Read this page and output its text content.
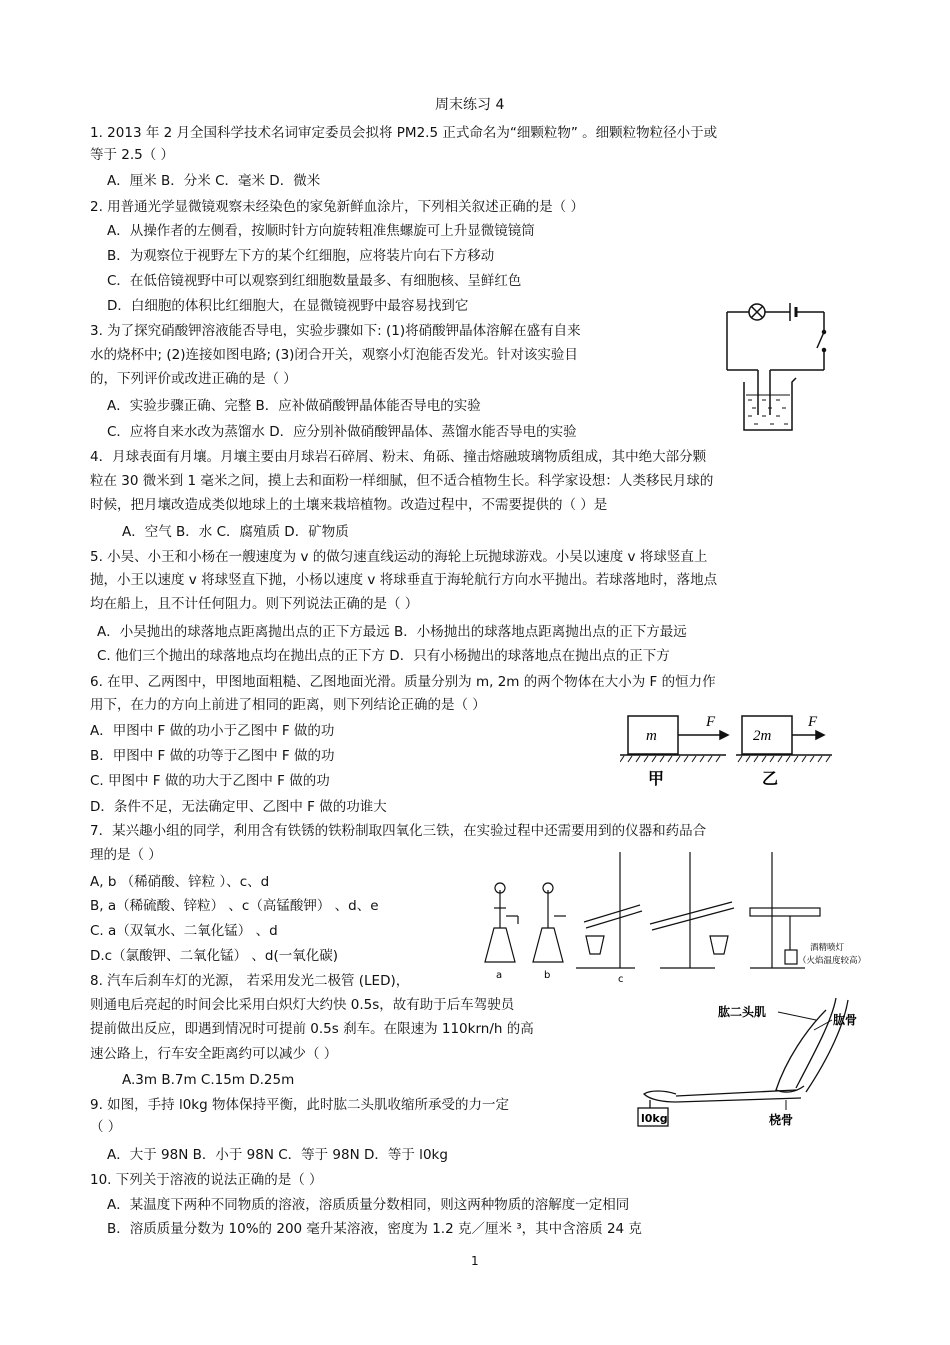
周末练习 4
1. 2013 年 2 月全国科学技术名词审定委员会拟将 PM2.5 正式命名为“细颗粒物” 。细颗粒物粒径小于或
等于 2.5（ ）
A．厘米 B．分米 C．毫米 D．微米
2. 用普通光学显微镜观察未经染色的家兔新鲜血涂片，下列相关叙述正确的是（ ）
A．从操作者的左侧看，按顺时针方向旋转粗准焦螺旋可上升显微镜镜筒
B．为观察位于视野左下方的某个红细胞，应将装片向右下方移动
C．在低倍镜视野中可以观察到红细胞数量最多、有细胞核、呈鲜红色
D．白细胞的体积比红细胞大，在显微镜视野中最容易找到它
3. 为了探究硝酸钾溶液能否导电，实验步骤如下: (1)将硝酸钾晶体溶解在盛有自来
水的烧杯中; (2)连接如图电路; (3)闭合开关，观察小灯泡能否发光。针对该实验目
的，下列评价或改进正确的是（ ）
A．实验步骤正确、完整 B．应补做硝酸钾晶体能否导电的实验
C．应将自来水改为蒸馏水 D．应分别补做硝酸钾晶体、蒸馏水能否导电的实验
4．月球表面有月壤。月壤主要由月球岩石碎屑、粉末、角砾、撞击熔融玻璃物质组成，其中绝大部分颗
粒在 30 微米到 1 毫米之间，摸上去和面粉一样细腻，但不适合植物生长。科学家设想：人类移民月球的
时候，把月壤改造成类似地球上的土壤来栽培植物。改造过程中，不需要提供的（ ）是
A．空气 B．水 C．腐殖质 D．矿物质
5. 小吴、小王和小杨在一艘速度为 v 的做匀速直线运动的海轮上玩抛球游戏。小吴以速度 v 将球竖直上
抛，小王以速度 v 将球竖直下抛，小杨以速度 v 将球垂直于海轮航行方向水平抛出。若球落地时，落地点
均在船上，且不计任何阻力。则下列说法正确的是（ ）
A．小吴抛出的球落地点距离抛出点的正下方最远 B．小杨抛出的球落地点距离抛出点的正下方最远
C. 他们三个抛出的球落地点均在抛出点的正下方 D．只有小杨抛出的球落地点在抛出点的正下方
6. 在甲、乙两图中，甲图地面粗糙、乙图地面光滑。质量分别为 m, 2m 的两个物体在大小为 F 的恒力作
用下，在力的方向上前进了相同的距离，则下列结论正确的是（ ）
A．甲图中 F 做的功小于乙图中 F 做的功
B．甲图中 F 做的功等于乙图中 F 做的功
C. 甲图中 F 做的功大于乙图中 F 做的功
D．条件不足，无法确定甲、乙图中 F 做的功谁大
7．某兴趣小组的同学，利用含有铁锈的铁粉制取四氧化三铁，在实验过程中还需要用到的仪器和药品合
理的是（ ）
A, b （稀硝酸、锌粒 ）、c、d
B, a（稀硫酸、锌粒） 、c（高锰酸钾） 、d、e
C. a（双氧水、二氧化锰） 、d
D.c（氯酸钾、二氧化锰） 、d(一氧化碳)
8. 汽车后刹车灯的光源， 若采用发光二极管 (LED)，
则通电后亮起的时间会比采用白炽灯大约快 0.5s，故有助于后车驾驶员
提前做出反应，即遇到情况时可提前 0.5s 刹车。在限速为 110krn/h 的高
速公路上，行车安全距离约可以减少（ ）
A.3m B.7m C.15m D.25m
9. 如图，手持 l0kg 物体保持平衡，此时肱二头肌收缩所承受的力一定
（ ）
A．大于 98N B．小于 98N C．等于 98N D．等于 l0kg
10. 下列关于溶液的说法正确的是（ ）
A．某温度下两种不同物质的溶液，溶质质量分数相同，则这两种物质的溶解度一定相同
B．溶质质量分数为 10%的 200 毫升某溶液，密度为 1.2 克／厘米 ³，其中含溶质 24 克
m	2m
F	F
甲	乙
a	b	c
酒精喷灯
（火焰温度较高）
l0kg
肱二头肌
肱骨
桡骨
1
